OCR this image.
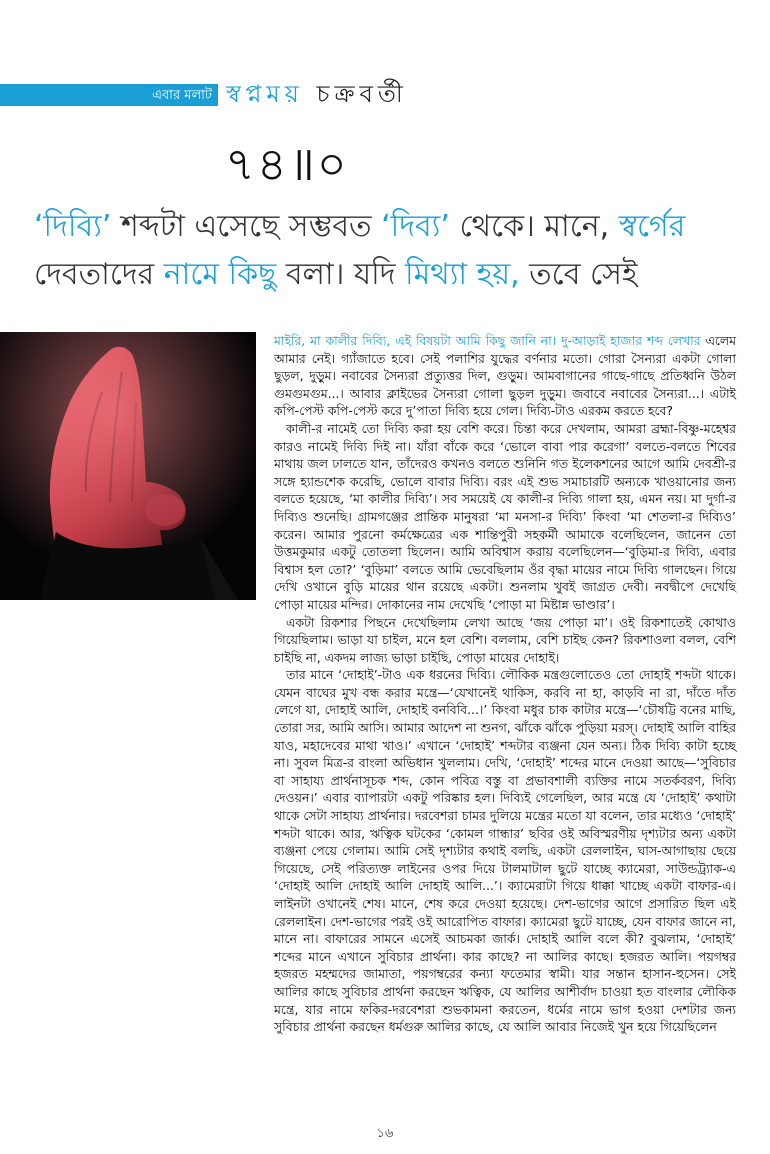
এবার মলাট স্বপ্নময় চক্রবর্তী
৭৪॥০
‘দিব্যি’ শব্দটা এসেছে সম্ভবত ‘দিব্য’ থেকে। মানে, স্বর্গের
দেবতাদের নামে কিছু বলা। যদি মিথ্যা হয়, তবে সেই

মাইরি, মা কালীর দিব্যি, এই বিষয়টা আমি কিছু জানি না। দু-আড়াই হাজার শব্দ লেখার এলেম আমার নেই। গ্যাঁজাতে হবে। সেই পলাশির যুদ্ধের বর্ণনার মতো। গোরা সৈন্যরা একটা গোলা ছুড়ল, দুড়ুম। নবাবের সৈন্যরা প্রত্যুত্তর দিল, গুড়ুম। আমবাগানের গাছে-গাছে প্রতিধ্বনি উঠল গুমগুমগুম...। আবার ক্লাইভের সৈন্যরা গোলা ছুড়ল দুড়ুম। জবাবে নবাবের সৈন্যরা...। এটাই কপি-পেস্ট কপি-পেস্ট করে দু’পাতা দিব্যি হয়ে গেল। দিব্যি-টাও এরকম করতে হবে?

কালী-র নামেই তো দিব্যি করা হয় বেশি করে। চিন্তা করে দেখলাম, আমরা ব্রহ্মা-বিষ্ণু-মহেশ্বর কারও নামেই দিব্যি দিই না। যাঁরা বাঁকে করে ‘ভোলে বাবা পার করেগা’ বলতে-বলতে শিবের মাথায় জল ঢালতে যান, তাঁদেরও কখনও বলতে শুনিনি গত ইলেকশনের আগে আমি দেবশ্রী-র সঙ্গে হ্যান্ডশেক করেছি, ভোলে বাবার দিব্যি। বরং এই শুভ সমাচারটি অন্যকে খাওয়ানোর জন্য বলতে হয়েছে, ‘মা কালীর দিব্যি’। সব সময়েই যে কালী-র দিব্যি গালা হয়, এমন নয়। মা দুর্গা-র দিব্যিও শুনেছি। গ্রামগঞ্জের প্রান্তিক মানুষরা ‘মা মনসা-র দিব্যি’ কিংবা ‘মা শেতলা-র দিব্যিও’ করেন। আমার পুরনো কর্মক্ষেত্রের এক শান্তিপুরী সহকর্মী আমাকে বলেছিলেন, জানেন তো উত্তমকুমার একটু তোতলা ছিলেন। আমি অবিশ্বাস করায় বলেছিলেন—‘বুড়িমা-র দিব্যি, এবার বিশ্বাস হল তো?’ ‘বুড়িমা’ বলতে আমি ভেবেছিলাম ওঁর বৃদ্ধা মায়ের নামে দিব্যি গালছেন। গিয়ে দেখি ওখানে বুড়ি মায়ের থান রয়েছে একটা। শুনলাম খুবই জাগ্রত দেবী। নবদ্বীপে দেখেছি পোড়া মায়ের মন্দির। দোকানের নাম দেখেছি ‘পোড়া মা মিষ্টান্ন ভাণ্ডার’।

একটা রিকশার পিছনে দেখেছিলাম লেখা আছে ‘জয় পোড়া মা’। ওই রিকশাতেই কোথাও গিয়েছিলাম। ভাড়া যা চাইল, মনে হল বেশি। বললাম, বেশি চাইছ কেন? রিকশাওলা বলল, বেশি চাইছি না, একদম লাজ্য ভাড়া চাইছি, পোড়া মায়ের দোহাই।

তার মানে ‘দোহাই’-টাও এক ধরনের দিব্যি। লৌকিক মন্ত্রগুলোতেও তো দোহাই শব্দটা থাকে। যেমন বাঘের মুখ বন্ধ করার মন্ত্রে—‘যেখানেই থাকিস, করবি না হা, কাড়বি না রা, দাঁতে দাঁত লেগে যা, দোহাই আলি, দোহাই বনবিবি...।’ কিংবা মধুর চাক কাটার মন্ত্রে—‘চৌষট্টি বনের মাছি, তোরা সর, আমি আসি। আমার আদেশ না শুনগ, ঝাঁকে ঝাঁকে পুড়িয়া মরস্। দোহাই আলি বাহির যাও, মহাদেবের মাথা খাও।’ এখানে ‘দোহাই’ শব্দটার ব্যঞ্জনা যেন অন্য। ঠিক দিব্যি কাটা হচ্ছে না। সুবল মিত্র-র বাংলা অভিধান খুললাম। দেখি, ‘দোহাই’ শব্দের মানে দেওয়া আছে—‘সুবিচার বা সাহায্য প্রার্থনাসূচক শব্দ, কোন পবিত্র বস্তু বা প্রভাবশালী ব্যক্তির নামে সতর্কবরণ, দিব্যি দেওয়ন।’ এবার ব্যাপারটা একটু পরিষ্কার হল। দিব্যিই গেলেছিল, আর মন্ত্রে যে ‘দোহাই’ কথাটা থাকে সেটা সাহায্য প্রার্থনার। দরবেশরা চামর দুলিয়ে মন্ত্রের মতো যা বলেন, তার মধ্যেও ‘দোহাই’ শব্দটা থাকে। আর, ঋত্বিক ঘটকের ‘কোমল গান্ধার’ ছবির ওই অবিস্মরণীয় দৃশ্যটার অন্য একটা ব্যঞ্জনা পেয়ে গেলাম। আমি সেই দৃশ্যটার কথাই বলছি, একটা রেললাইন, ঘাস-আগাছায় ছেয়ে গিয়েছে, সেই পরিত্যক্ত লাইনের ওপর দিয়ে টালমাটাল ছুটে যাচ্ছে ক্যামেরা, সাউন্ডট্র্যাক-এ ‘দোহাই আলি দোহাই আলি দোহাই আলি...’। ক্যামেরাটা গিয়ে ধাক্কা খাচ্ছে একটা বাফার-এ। লাইনটা ওখানেই শেষ। মানে, শেষ করে দেওয়া হয়েছে। দেশ-ভাগের আগে প্রসারিত ছিল এই রেললাইন। দেশ-ভাগের পরই ওই আরোপিত বাফার। ক্যামেরা ছুটে যাচ্ছে, যেন বাফার জানে না, মানে না। বাফারের সামনে এসেই আচমকা জার্ক। দোহাই আলি বলে কী? বুঝলাম, ‘দোহাই’ শব্দের মানে এখানে সুবিচার প্রার্থনা। কার কাছে? না আলির কাছে। হজরত আলি। পয়গম্বর হজরত মহম্মদের জামাতা, পয়গম্বরের কন্যা ফতেমার স্বামী। যার সন্তান হাসান-হুসেন। সেই আলির কাছে সুবিচার প্রার্থনা করছেন ঋত্বিক, যে আলির আশীর্বাদ চাওয়া হত বাংলার লৌকিক মন্ত্রে, যার নামে ফকির-দরবেশরা শুভকামনা করতেন, ধর্মের নামে ভাগ হওয়া দেশটার জন্য সুবিচার প্রার্থনা করছেন ধর্মগুরু আলির কাছে, যে আলি আবার নিজেই খুন হয়ে গিয়েছিলেন

১৬
